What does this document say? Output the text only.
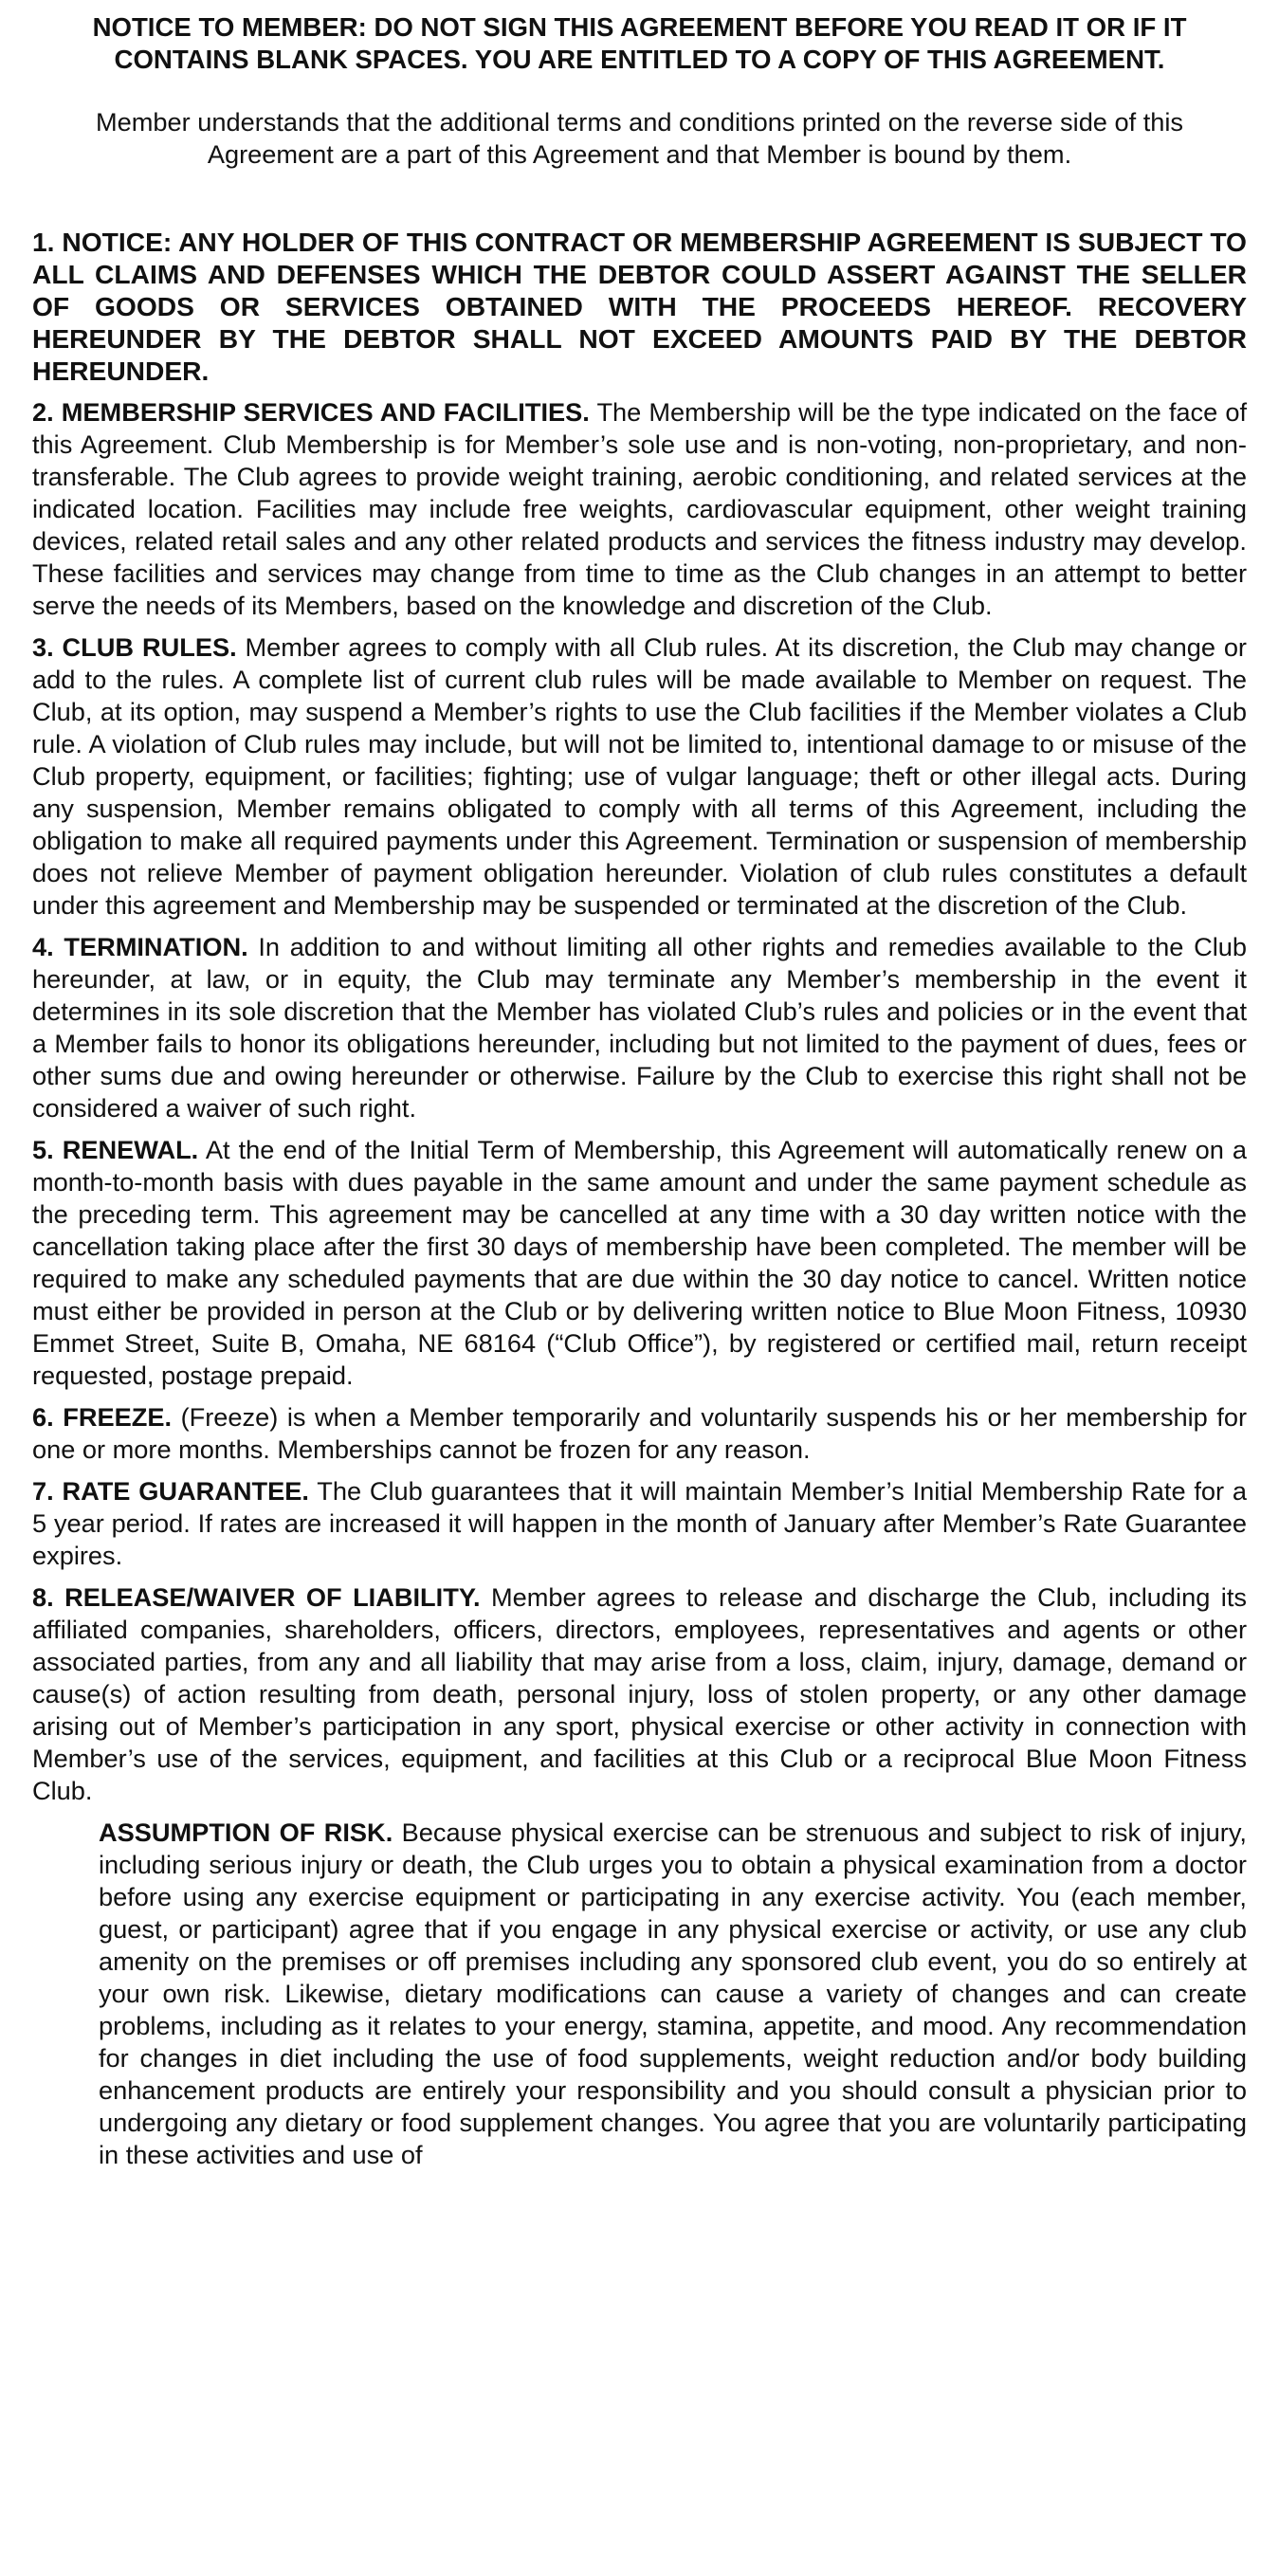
NOTICE TO MEMBER: DO NOT SIGN THIS AGREEMENT BEFORE YOU READ IT OR IF IT CONTAINS BLANK SPACES. YOU ARE ENTITLED TO A COPY OF THIS AGREEMENT.

Member understands that the additional terms and conditions printed on the reverse side of this Agreement are a part of this Agreement and that Member is bound by them.

1. NOTICE: ANY HOLDER OF THIS CONTRACT OR MEMBERSHIP AGREEMENT IS SUBJECT TO ALL CLAIMS AND DEFENSES WHICH THE DEBTOR COULD ASSERT AGAINST THE SELLER OF GOODS OR SERVICES OBTAINED WITH THE PROCEEDS HEREOF. RECOVERY HEREUNDER BY THE DEBTOR SHALL NOT EXCEED AMOUNTS PAID BY THE DEBTOR HEREUNDER.

2. MEMBERSHIP SERVICES AND FACILITIES. The Membership will be the type indicated on the face of this Agreement. Club Membership is for Member’s sole use and is non-voting, non-proprietary, and non-transferable. The Club agrees to provide weight training, aerobic conditioning, and related services at the indicated location. Facilities may include free weights, cardiovascular equipment, other weight training devices, related retail sales and any other related products and services the fitness industry may develop. These facilities and services may change from time to time as the Club changes in an attempt to better serve the needs of its Members, based on the knowledge and discretion of the Club.

3. CLUB RULES. Member agrees to comply with all Club rules. At its discretion, the Club may change or add to the rules. A complete list of current club rules will be made available to Member on request. The Club, at its option, may suspend a Member’s rights to use the Club facilities if the Member violates a Club rule. A violation of Club rules may include, but will not be limited to, intentional damage to or misuse of the Club property, equipment, or facilities; fighting; use of vulgar language; theft or other illegal acts. During any suspension, Member remains obligated to comply with all terms of this Agreement, including the obligation to make all required payments under this Agreement. Termination or suspension of membership does not relieve Member of payment obligation hereunder. Violation of club rules constitutes a default under this agreement and Membership may be suspended or terminated at the discretion of the Club.

4. TERMINATION. In addition to and without limiting all other rights and remedies available to the Club hereunder, at law, or in equity, the Club may terminate any Member’s membership in the event it determines in its sole discretion that the Member has violated Club’s rules and policies or in the event that a Member fails to honor its obligations hereunder, including but not limited to the payment of dues, fees or other sums due and owing hereunder or otherwise. Failure by the Club to exercise this right shall not be considered a waiver of such right.

5. RENEWAL. At the end of the Initial Term of Membership, this Agreement will automatically renew on a month-to-month basis with dues payable in the same amount and under the same payment schedule as the preceding term. This agreement may be cancelled at any time with a 30 day written notice with the cancellation taking place after the first 30 days of membership have been completed. The member will be required to make any scheduled payments that are due within the 30 day notice to cancel. Written notice must either be provided in person at the Club or by delivering written notice to Blue Moon Fitness, 10930 Emmet Street, Suite B, Omaha, NE 68164 (“Club Office”), by registered or certified mail, return receipt requested, postage prepaid.

6. FREEZE. (Freeze) is when a Member temporarily and voluntarily suspends his or her membership for one or more months. Memberships cannot be frozen for any reason.

7. RATE GUARANTEE. The Club guarantees that it will maintain Member’s Initial Membership Rate for a 5 year period. If rates are increased it will happen in the month of January after Member’s Rate Guarantee expires.

8. RELEASE/WAIVER OF LIABILITY. Member agrees to release and discharge the Club, including its affiliated companies, shareholders, officers, directors, employees, representatives and agents or other associated parties, from any and all liability that may arise from a loss, claim, injury, damage, demand or cause(s) of action resulting from death, personal injury, loss of stolen property, or any other damage arising out of Member’s participation in any sport, physical exercise or other activity in connection with Member’s use of the services, equipment, and facilities at this Club or a reciprocal Blue Moon Fitness Club.

ASSUMPTION OF RISK. Because physical exercise can be strenuous and subject to risk of injury, including serious injury or death, the Club urges you to obtain a physical examination from a doctor before using any exercise equipment or participating in any exercise activity. You (each member, guest, or participant) agree that if you engage in any physical exercise or activity, or use any club amenity on the premises or off premises including any sponsored club event, you do so entirely at your own risk. Likewise, dietary modifications can cause a variety of changes and can create problems, including as it relates to your energy, stamina, appetite, and mood. Any recommendation for changes in diet including the use of food supplements, weight reduction and/or body building enhancement products are entirely your responsibility and you should consult a physician prior to undergoing any dietary or food supplement changes. You agree that you are voluntarily participating in these activities and use of
